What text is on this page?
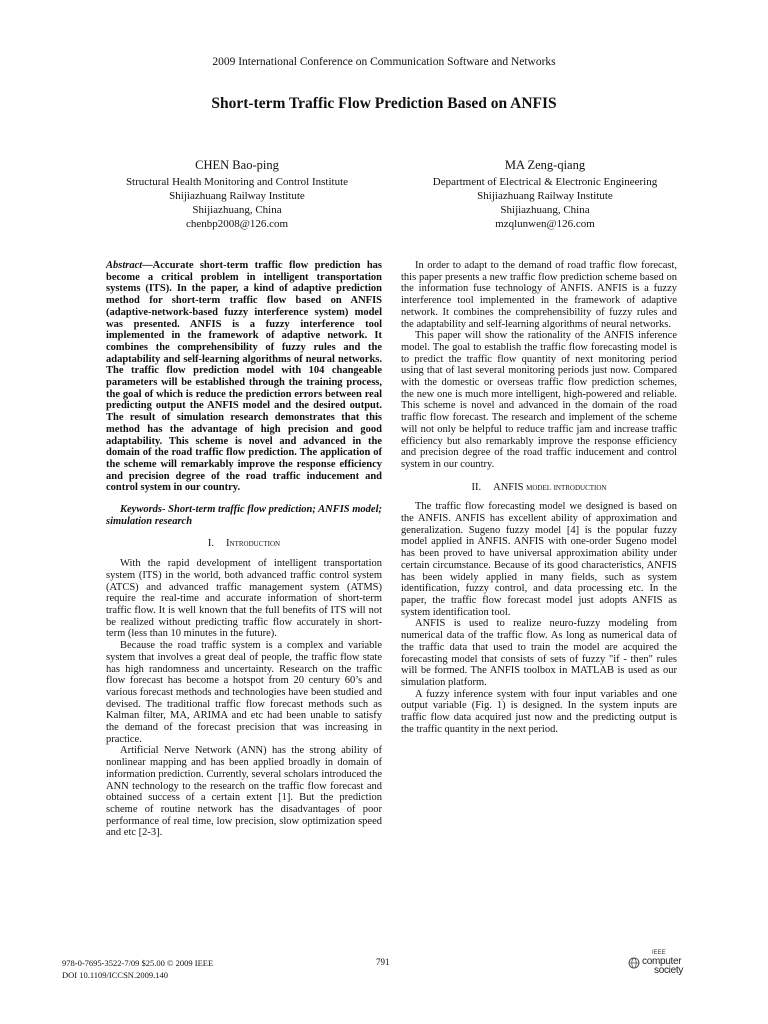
2009 International Conference on Communication Software and Networks
Short-term Traffic Flow Prediction Based on ANFIS
CHEN Bao-ping
Structural Health Monitoring and Control Institute
Shijiazhuang Railway Institute
Shijiazhuang, China
chenbp2008@126.com
MA Zeng-qiang
Department of Electrical & Electronic Engineering
Shijiazhuang Railway Institute
Shijiazhuang, China
mzqlunwen@126.com

Abstract—Accurate short-term traffic flow prediction has become a critical problem in intelligent transportation systems (ITS). In the paper, a kind of adaptive prediction method for short-term traffic flow based on ANFIS (adaptive-network-based fuzzy interference system) model was presented. ANFIS is a fuzzy interference tool implemented in the framework of adaptive network. It combines the comprehensibility of fuzzy rules and the adaptability and self-learning algorithms of neural networks. The traffic flow prediction model with 104 changeable parameters will be established through the training process, the goal of which is reduce the prediction errors between real predicting output the ANFIS model and the desired output. The result of simulation research demonstrates that this method has the advantage of high precision and good adaptability. This scheme is novel and advanced in the domain of the road traffic flow prediction. The application of the scheme will remarkably improve the response efficiency and precision degree of the road traffic inducement and control system in our country.

Keywords- Short-term traffic flow prediction; ANFIS model; simulation research

I. Introduction

With the rapid development of intelligent transportation system (ITS) in the world, both advanced traffic control system (ATCS) and advanced traffic management system (ATMS) require the real-time and accurate information of short-term traffic flow. It is well known that the full benefits of ITS will not be realized without predicting traffic flow accurately in short-term (less than 10 minutes in the future).

Because the road traffic system is a complex and variable system that involves a great deal of people, the traffic flow state has high randomness and uncertainty. Research on the traffic flow forecast has become a hotspot from 20 century 60’s and various forecast methods and technologies have been studied and devised. The traditional traffic flow forecast methods such as Kalman filter, MA, ARIMA and etc had been unable to satisfy the demand of the forecast precision that was increasing in practice.

Artificial Nerve Network (ANN) has the strong ability of nonlinear mapping and has been applied broadly in domain of information prediction. Currently, several scholars introduced the ANN technology to the research on the traffic flow forecast and obtained success of a certain extent [1]. But the prediction scheme of routine network has the disadvantages of poor performance of real time, low precision, slow optimization speed and etc [2-3].

In order to adapt to the demand of road traffic flow forecast, this paper presents a new traffic flow prediction scheme based on the information fuse technology of ANFIS. ANFIS is a fuzzy interference tool implemented in the framework of adaptive network. It combines the comprehensibility of fuzzy rules and the adaptability and self-learning algorithms of neural networks.

This paper will show the rationality of the ANFIS inference model. The goal to establish the traffic flow forecasting model is to predict the traffic flow quantity of next monitoring period using that of last several monitoring periods just now. Compared with the domestic or overseas traffic flow prediction schemes, the new one is much more intelligent, high-powered and reliable. This scheme is novel and advanced in the domain of the road traffic flow forecast. The research and implement of the scheme will not only be helpful to reduce traffic jam and increase traffic efficiency but also remarkably improve the response efficiency and precision degree of the road traffic inducement and control system in our country.

II. ANFIS model introduction

The traffic flow forecasting model we designed is based on the ANFIS. ANFIS has excellent ability of approximation and generalization. Sugeno fuzzy model [4] is the popular fuzzy model applied in ANFIS. ANFIS with one-order Sugeno model has been proved to have universal approximation ability under certain circumstance. Because of its good characteristics, ANFIS has been widely applied in many fields, such as system identification, fuzzy control, and data processing etc. In the paper, the traffic flow forecast model just adopts ANFIS as system identification tool.

ANFIS is used to realize neuro-fuzzy modeling from numerical data of the traffic flow. As long as numerical data of the traffic data that used to train the model are acquired the forecasting model that consists of sets of fuzzy "if - then" rules will be formed. The ANFIS toolbox in MATLAB is used as our simulation platform.

A fuzzy inference system with four input variables and one output variable (Fig. 1) is designed. In the system inputs are traffic flow data acquired just now and the predicting output is the traffic quantity in the next period.

978-0-7695-3522-7/09 $25.00 © 2009 IEEE
DOI 10.1109/ICCSN.2009.140
791
IEEE
computer
society
